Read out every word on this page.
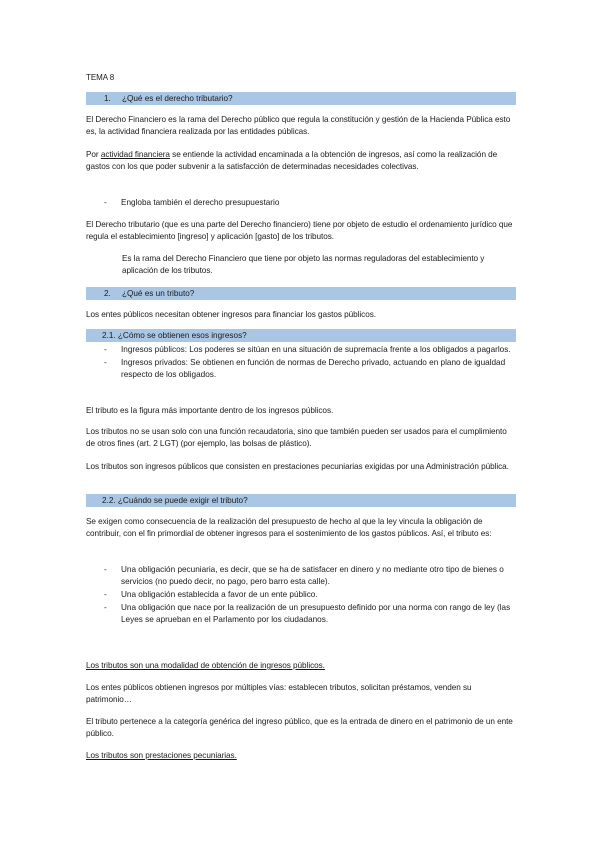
TEMA 8
1. ¿Qué es el derecho tributario?
El Derecho Financiero es la rama del Derecho público que regula la constitución y gestión de la Hacienda Pública esto es, la actividad financiera realizada por las entidades públicas.
Por actividad financiera se entiende la actividad encaminada a la obtención de ingresos, así como la realización de gastos con los que poder subvenir a la satisfacción de determinadas necesidades colectivas.
-	Engloba también el derecho presupuestario
El Derecho tributario (que es una parte del Derecho financiero) tiene por objeto de estudio el ordenamiento jurídico que regula el establecimiento [ingreso] y aplicación [gasto] de los tributos.
Es la rama del Derecho Financiero que tiene por objeto las normas reguladoras del establecimiento y aplicación de los tributos.
2. ¿Qué es un tributo?
Los entes públicos necesitan obtener ingresos para financiar los gastos públicos.
2.1. ¿Cómo se obtienen esos ingresos?
-	Ingresos públicos: Los poderes se sitúan en una situación de supremacía frente a los obligados a pagarlos.
-	Ingresos privados: Se obtienen en función de normas de Derecho privado, actuando en plano de igualdad respecto de los obligados.
El tributo es la figura más importante dentro de los ingresos públicos.
Los tributos no se usan solo con una función recaudatoria, sino que también pueden ser usados para el cumplimiento de otros fines (art. 2 LGT) (por ejemplo, las bolsas de plástico).
Los tributos son ingresos públicos que consisten en prestaciones pecuniarias exigidas por una Administración pública.
2.2. ¿Cuándo se puede exigir el tributo?
Se exigen como consecuencia de la realización del presupuesto de hecho al que la ley vincula la obligación de contribuir, con el fin primordial de obtener ingresos para el sostenimiento de los gastos públicos. Así, el tributo es:
-	Una obligación pecuniaria, es decir, que se ha de satisfacer en dinero y no mediante otro tipo de bienes o servicios (no puedo decir, no pago, pero barro esta calle).
-	Una obligación establecida a favor de un ente público.
-	Una obligación que nace por la realización de un presupuesto definido por una norma con rango de ley (las Leyes se aprueban en el Parlamento por los ciudadanos.
Los tributos son una modalidad de obtención de ingresos públicos.
Los entes públicos obtienen ingresos por múltiples vías: establecen tributos, solicitan préstamos, venden su patrimonio…
El tributo pertenece a la categoría genérica del ingreso público, que es la entrada de dinero en el patrimonio de un ente público.
Los tributos son prestaciones pecuniarias.
